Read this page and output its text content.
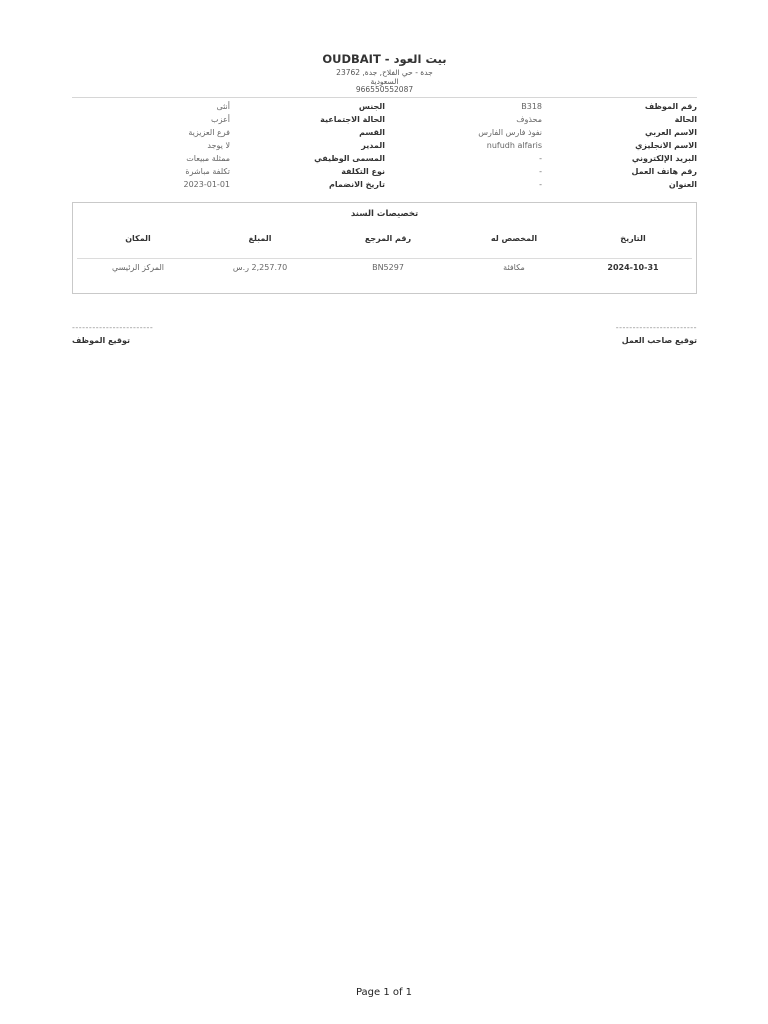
بيت العود - OUDBAIT
جدة - حي الفلاح, جدة, 23762
السعودية
966550552087
رقم الموظف
B318
الحالة
محذوف
الاسم العربي
نفوذ فارس الفارس
الاسم الانجليزي
nufudh alfaris
البريد الإلكتروني
-
رقم هاتف العمل
-
العنوان
-
الجنس
أنثى
الحالة الاجتماعية
أعزب
القسم
فرع العزيزية
المدير
لا يوجد
المسمى الوظيفي
ممثلة مبيعات
نوع التكلفة
تكلفة مباشرة
تاريخ الانضمام
2023-01-01
تخصيصات السند
التاريخ
المخصص له
رقم المرجع
المبلغ
المكان
2024-10-31
مكافئة
BN5297
2,257.70 ر.س
المركز الرئيسي
------------------------
توقيع صاحب العمل
------------------------
توقيع الموظف
Page 1 of 1
